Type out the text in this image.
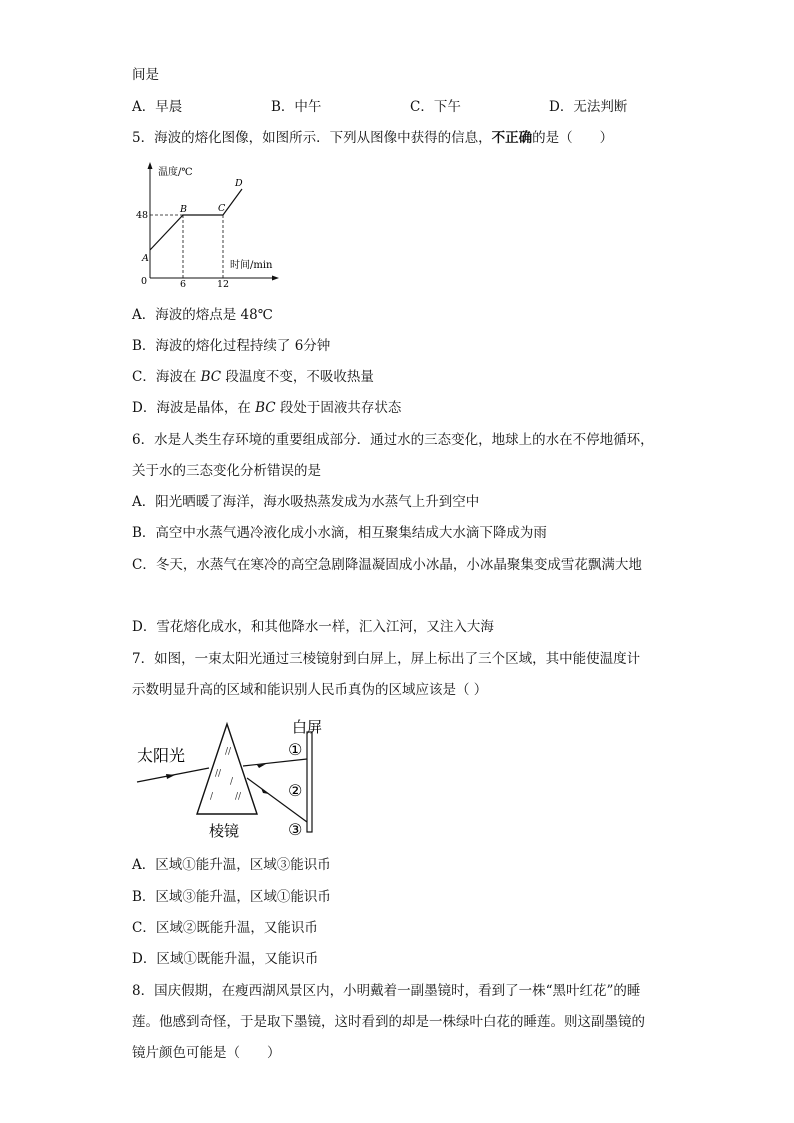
间是
A．早晨	B．中午	C．下午	D．无法判断
5．海波的熔化图像，如图所示．下列从图像中获得的信息，不正确的是（　　）
温度/℃
时间/min
48
6	12
0
A
B	C
D
A．海波的熔点是 48℃
B．海波的熔化过程持续了 6分钟
C．海波在 BC 段温度不变，不吸收热量
D．海波是晶体，在 BC 段处于固液共存状态
6．水是人类生存环境的重要组成部分．通过水的三态变化，地球上的水在不停地循环，
关于水的三态变化分析错误的是
A．阳光晒暖了海洋，海水吸热蒸发成为水蒸气上升到空中
B．高空中水蒸气遇冷液化成小水滴，相互聚集结成大水滴下降成为雨
C．冬天，水蒸气在寒冷的高空急剧降温凝固成小冰晶，小冰晶聚集变成雪花飘满大地
D．雪花熔化成水，和其他降水一样，汇入江河，又注入大海
7．如图，一束太阳光通过三棱镜射到白屏上，屏上标出了三个区域，其中能使温度计
示数明显升高的区域和能识别人民币真伪的区域应该是（ ）
//
//
/
/ //
太阳光
白屏
棱镜
①
②
③
A．区域①能升温，区域③能识币
B．区域③能升温，区域①能识币
C．区域②既能升温，又能识币
D．区域①既能升温，又能识币
8．国庆假期，在瘦西湖风景区内，小明戴着一副墨镜时，看到了一株“黑叶红花”的睡
莲。他感到奇怪，于是取下墨镜，这时看到的却是一株绿叶白花的睡莲。则这副墨镜的
镜片颜色可能是（　　）
